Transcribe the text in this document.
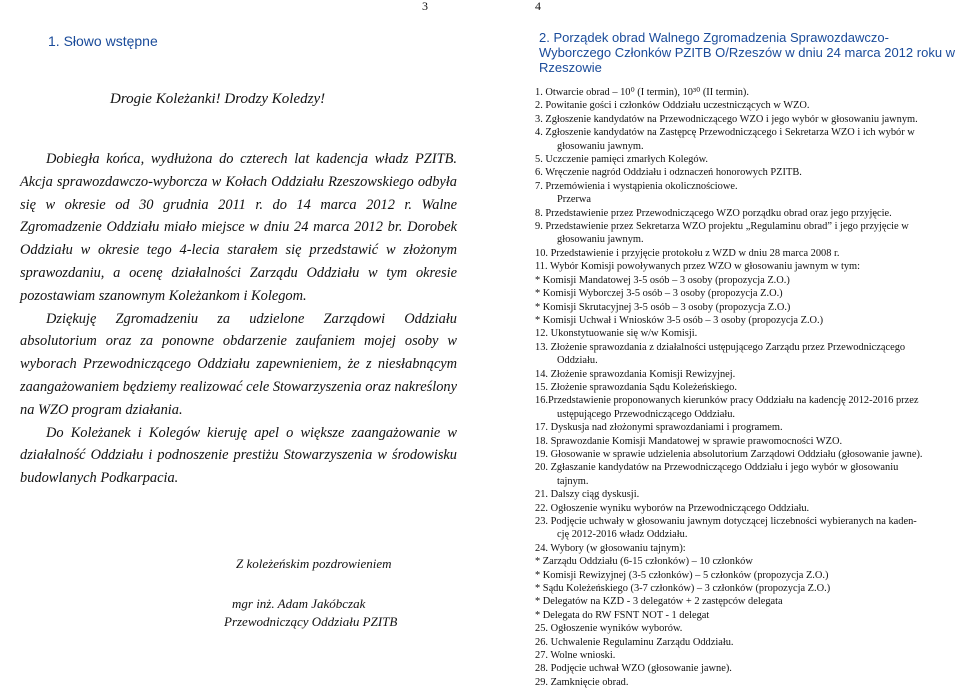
3
1. Słowo wstępne
Drogie Koleżanki! Drodzy Koledzy!

Dobiegła końca, wydłużona do czterech lat kadencja władz PZITB. Akcja sprawozdawczo-wyborcza w Kołach Oddziału Rzeszowskiego odbyła się w okresie od 30 grudnia 2011 r. do 14 marca 2012 r. Walne Zgromadzenie Oddziału miało miejsce w dniu 24 marca 2012 br. Dorobek Oddziału w okresie tego 4-lecia starałem się przedstawić w złożonym sprawozdaniu, a ocenę działalności Zarządu Oddziału w tym okresie pozostawiam szanownym Koleżankom i Kolegom.

Dziękuję Zgromadzeniu za udzielone Zarządowi Oddziału absolutorium oraz za ponowne obdarzenie zaufaniem mojej osoby w wyborach Przewodniczącego Oddziału zapewnieniem, że z niesłabnącym zaangażowaniem będziemy realizować cele Stowarzyszenia oraz nakreślony na WZO program działania.

Do Koleżanek i Kolegów kieruję apel o większe zaangażowanie w działalność Oddziału i podnoszenie prestiżu Stowarzyszenia w środowisku budowlanych Podkarpacia.

Z koleżeńskim pozdrowieniem
mgr inż. Adam Jakóbczak
Przewodniczący Oddziału PZITB
4
2. Porządek obrad Walnego Zgromadzenia Sprawozdawczo-Wyborczego Członków PZITB O/Rzeszów w dniu 24 marca 2012 roku w Rzeszowie
1. Otwarcie obrad – 10⁰ (I termin), 10³⁰ (II termin).
2. Powitanie gości i członków Oddziału uczestniczących w WZO.
3. Zgłoszenie kandydatów na Przewodniczącego WZO i jego wybór w głosowaniu jawnym.
4. Zgłoszenie kandydatów na Zastępcę Przewodniczącego i Sekretarza WZO i ich wybór w
głosowaniu jawnym.
5. Uczczenie pamięci zmarłych Kolegów.
6. Wręczenie nagród Oddziału i odznaczeń honorowych PZITB.
7. Przemówienia i wystąpienia okolicznościowe.
Przerwa
8. Przedstawienie przez Przewodniczącego WZO porządku obrad oraz jego przyjęcie.
9. Przedstawienie przez Sekretarza WZO projektu „Regulaminu obrad” i jego przyjęcie w
głosowaniu jawnym.
10. Przedstawienie i przyjęcie protokołu z WZD w dniu 28 marca 2008 r.
11. Wybór Komisji powoływanych przez WZO w głosowaniu jawnym w tym:
* Komisji Mandatowej 3-5 osób – 3 osoby (propozycja Z.O.)
* Komisji Wyborczej 3-5 osób – 3 osoby (propozycja Z.O.)
* Komisji Skrutacyjnej 3-5 osób – 3 osoby (propozycja Z.O.)
* Komisji Uchwał i Wniosków 3-5 osób – 3 osoby (propozycja Z.O.)
12. Ukonstytuowanie się w/w Komisji.
13. Złożenie sprawozdania z działalności ustępującego Zarządu przez Przewodniczącego
Oddziału.
14. Złożenie sprawozdania Komisji Rewizyjnej.
15. Złożenie sprawozdania Sądu Koleżeńskiego.
16.Przedstawienie proponowanych kierunków pracy Oddziału na kadencję 2012-2016 przez
ustępującego Przewodniczącego Oddziału.
17. Dyskusja nad złożonymi sprawozdaniami i programem.
18. Sprawozdanie Komisji Mandatowej w sprawie prawomocności WZO.
19. Głosowanie w sprawie udzielenia absolutorium Zarządowi Oddziału (głosowanie jawne).
20. Zgłaszanie kandydatów na Przewodniczącego Oddziału i jego wybór w głosowaniu
tajnym.
21. Dalszy ciąg dyskusji.
22. Ogłoszenie wyniku wyborów na Przewodniczącego Oddziału.
23. Podjęcie uchwały w głosowaniu jawnym dotyczącej liczebności wybieranych na kaden-
cję 2012-2016 władz Oddziału.
24. Wybory (w głosowaniu tajnym):
* Zarządu Oddziału (6-15 członków) – 10 członków
* Komisji Rewizyjnej (3-5 członków) – 5 członków (propozycja Z.O.)
* Sądu Koleżeńskiego (3-7 członków) – 3 członków (propozycja Z.O.)
* Delegatów na KZD - 3 delegatów + 2 zastępców delegata
* Delegata do RW FSNT NOT - 1 delegat
25. Ogłoszenie wyników wyborów.
26. Uchwalenie Regulaminu Zarządu Oddziału.
27. Wolne wnioski.
28. Podjęcie uchwał WZO (głosowanie jawne).
29. Zamknięcie obrad.
